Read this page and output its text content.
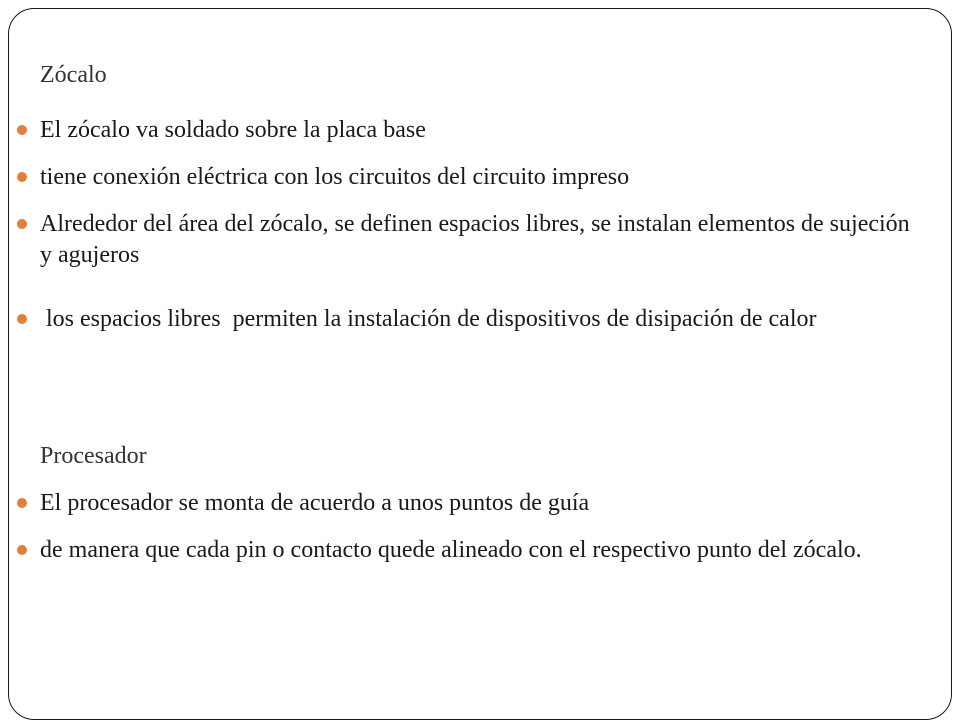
Zócalo
El zócalo va soldado sobre la placa base
tiene conexión eléctrica con los circuitos del circuito impreso
Alrededor del área del zócalo, se definen espacios libres, se instalan elementos de sujeción y agujeros
los espacios libres  permiten la instalación de dispositivos de disipación de calor
Procesador
El procesador se monta de acuerdo a unos puntos de guía
de manera que cada pin o contacto quede alineado con el respectivo punto del zócalo.
